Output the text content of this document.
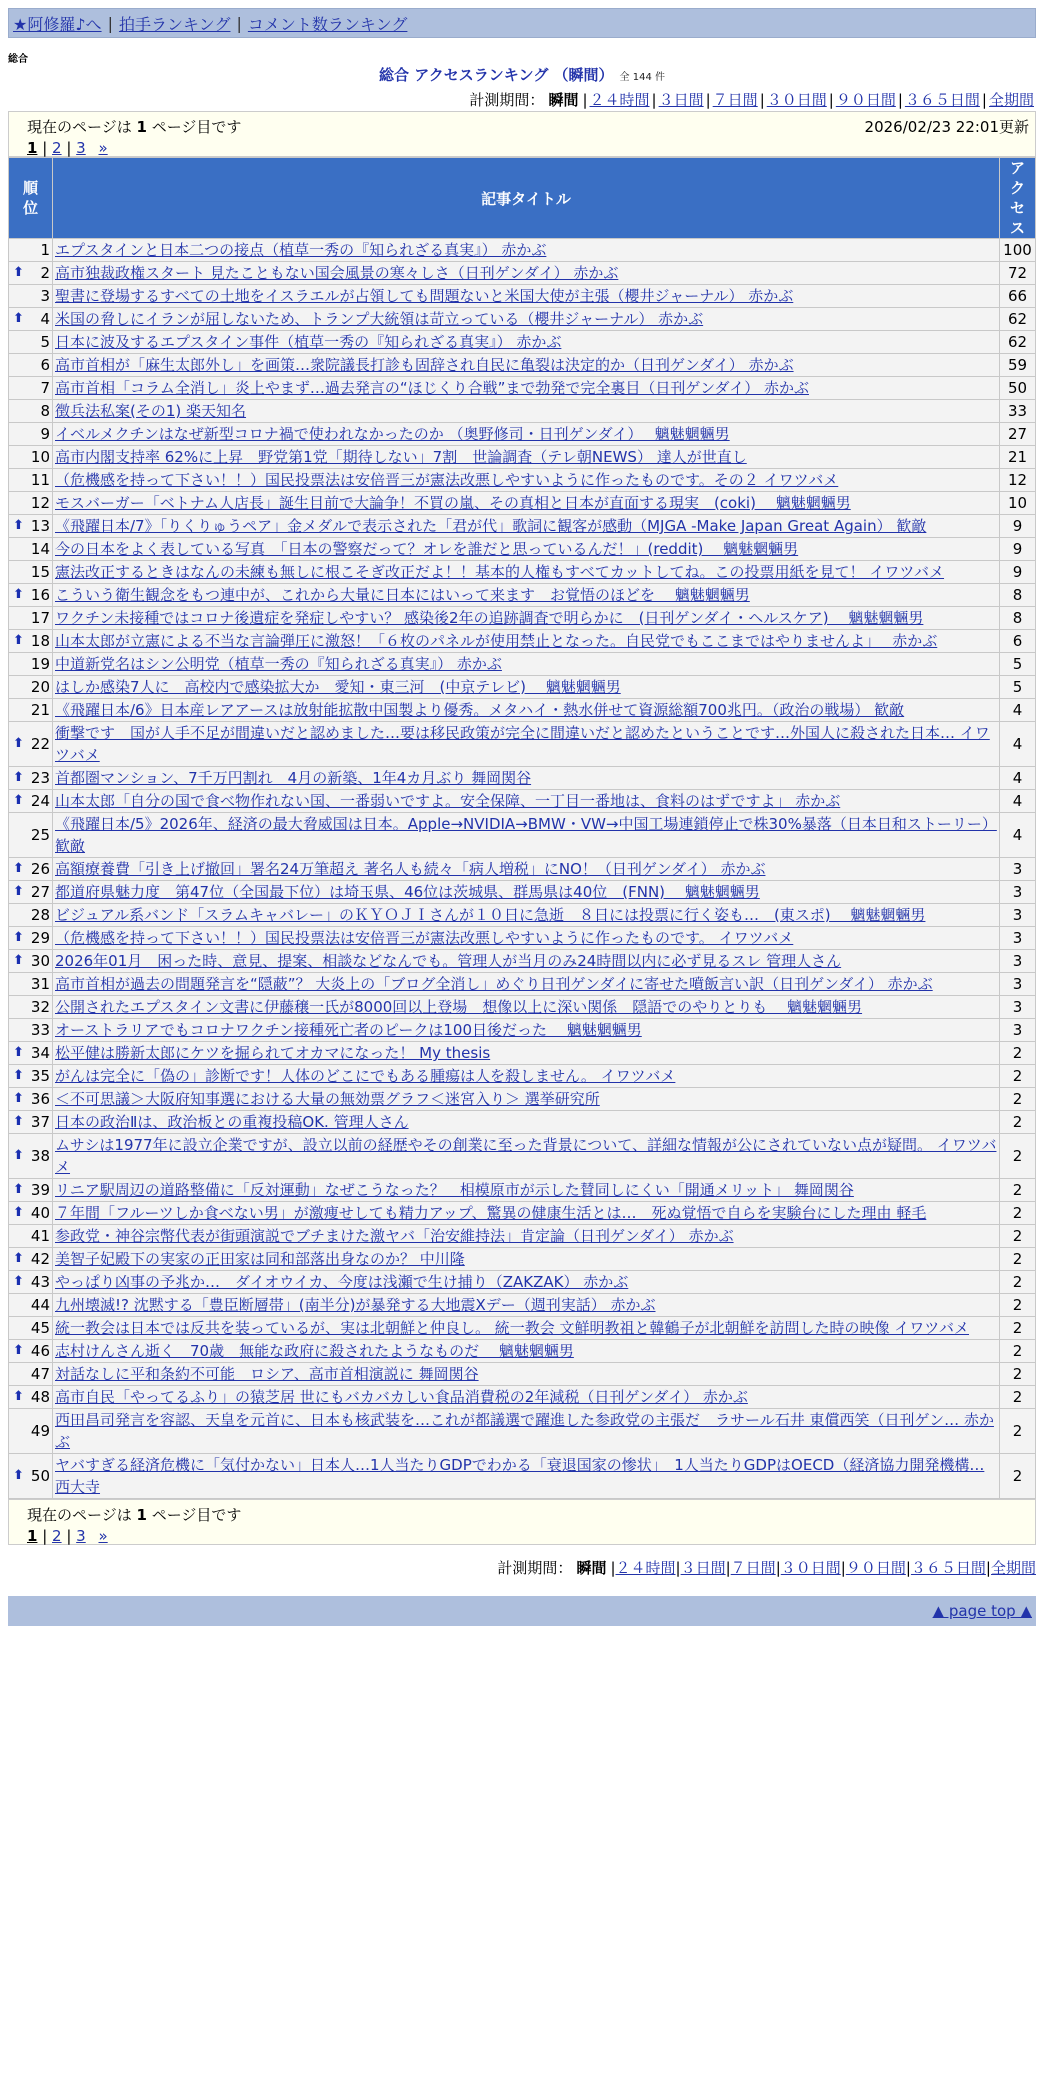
★阿修羅♪へ | 拍手ランキング | コメント数ランキング
総合
総合 アクセスランキング （瞬間） 全 144 件
計測期間： 瞬間 | ２４時間 | ３日間 | ７日間 | ３０日間 | ９０日間 | ３６５日間 | 全期間
現在のページは 1 ページ目です	2026/02/23 22:01更新
1 | 2 | 3 »
順位	記事タイトル	アクセス
1	エプスタインと日本二つの接点（植草一秀の『知られざる真実』） 赤かぶ	100

⬆ 2	高市独裁政権スタート 見たこともない国会風景の寒々しさ（日刊ゲンダイ） 赤かぶ	72
3	聖書に登場するすべての土地をイスラエルが占領しても問題ないと米国大使が主張（櫻井ジャーナル） 赤かぶ	66

⬆ 4	米国の脅しにイランが屈しないため、トランプ大統領は苛立っている（櫻井ジャーナル） 赤かぶ	62
5	日本に波及するエプスタイン事件（植草一秀の『知られざる真実』） 赤かぶ	62
6	高市首相が「麻生太郎外し」を画策…衆院議長打診も固辞され自民に亀裂は決定的か（日刊ゲンダイ） 赤かぶ	59
7	高市首相「コラム全消し」炎上やまず…過去発言の“ほじくり合戦”まで勃発で完全裏目（日刊ゲンダイ） 赤かぶ	50
8	徴兵法私案(その1) 楽天知名	33
9	イベルメクチンはなぜ新型コロナ禍で使われなかったのか （奥野修司・日刊ゲンダイ）　 魑魅魍魎男	27
10	高市内閣支持率 62%に上昇　野党第1党「期待しない」7割　世論調査（テレ朝NEWS） 達人が世直し	21
11	（危機感を持って下さい！！）国民投票法は安倍晋三が憲法改悪しやすいように作ったものです。その２ イワツバメ	12
12	モスバーガー「ベトナム人店長」誕生目前で大論争！不買の嵐、その真相と日本が直面する現実　(coki)　 魑魅魍魎男	10

⬆ 13	《飛躍日本/7》「りくりゅうペア」金メダルで表示された「君が代」歌詞に観客が感動（MJGA -Make Japan Great Again） 歓敵	9
14	今の日本をよく表している写真　「日本の警察だって？オレを誰だと思っているんだ！」(reddit)　 魑魅魍魎男	9
15	憲法改正するときはなんの未練も無しに根こそぎ改正だよ！！基本的人権もすべてカットしてね。この投票用紙を見て！ イワツバメ	9

⬆ 16	こういう衛生観念をもつ連中が、これから大量に日本にはいって来ます　お覚悟のほどを　 魑魅魍魎男	8
17	ワクチン未接種ではコロナ後遺症を発症しやすい？ 感染後2年の追跡調査で明らかに　(日刊ゲンダイ・ヘルスケア)　 魑魅魍魎男	8

⬆ 18	山本太郎が立憲による不当な言論弾圧に激怒！「６枚のパネルが使用禁止となった。自民党でもここまではやりませんよ」　 赤かぶ	6
19	中道新党名はシン公明党（植草一秀の『知られざる真実』） 赤かぶ	5
20	はしか感染7人に　高校内で感染拡大か　愛知・東三河　(中京テレビ)　 魑魅魍魎男	5
21	《飛躍日本/6》日本産レアアースは放射能拡散中国製より優秀。メタハイ・熱水併せて資源総額700兆円。（政治の戦場） 歓敵	4

⬆ 22	衝撃です　国が人手不足が間違いだと認めました…要は移民政策が完全に間違いだと認めたということです…外国人に殺された日本… イワツバメ	4

⬆ 23	首都圏マンション、7千万円割れ　4月の新築、1年4カ月ぶり 舞岡関谷	4

⬆ 24	山本太郎「自分の国で食べ物作れない国、一番弱いですよ。安全保障、一丁目一番地は、食料のはずですよ」 赤かぶ	4
25	《飛躍日本/5》2026年、経済の最大脅威国は日本。Apple→NVIDIA→BMW・VW→中国工場連鎖停止で株30%暴落（日本日和ストーリー） 歓敵	4

⬆ 26	高額療養費「引き上げ撤回」署名24万筆超え 著名人も続々「病人増税」にNO！（日刊ゲンダイ） 赤かぶ	3

⬆ 27	都道府県魅力度　第47位（全国最下位）は埼玉県、46位は茨城県、群馬県は40位　(FNN)　 魑魅魍魎男	3
28	ビジュアル系バンド「スラムキャバレー」のＫＹＯＪＩさんが１０日に急逝　８日には投票に行く姿も…　(東スポ)　 魑魅魍魎男	3

⬆ 29	（危機感を持って下さい！！）国民投票法は安倍晋三が憲法改悪しやすいように作ったものです。 イワツバメ	3

⬆ 30	2026年01月　困った時、意見、提案、相談などなんでも。管理人が当月のみ24時間以内に必ず見るスレ 管理人さん	3
31	高市首相が過去の問題発言を“隠蔽”？ 大炎上の「ブログ全消し」めぐり日刊ゲンダイに寄せた噴飯言い訳（日刊ゲンダイ） 赤かぶ	3
32	公開されたエプスタイン文書に伊藤穣一氏が8000回以上登場　想像以上に深い関係　隠語でのやりとりも　 魑魅魍魎男	3
33	オーストラリアでもコロナワクチン接種死亡者のピークは100日後だった　 魑魅魍魎男	3

⬆ 34	松平健は勝新太郎にケツを掘られてオカマになった！ My thesis	2

⬆ 35	がんは完全に「偽の」診断です！人体のどこにでもある腫瘍は人を殺しません。 イワツバメ	2

⬆ 36	＜不可思議＞大阪府知事選における大量の無効票グラフ＜迷宮入り＞ 選挙研究所	2

⬆ 37	日本の政治Ⅱは、政治板との重複投稿OK. 管理人さん	2

⬆ 38	ムサシは1977年に設立企業ですが、設立以前の経歴やその創業に至った背景について、詳細な情報が公にされていない点が疑問。 イワツバメ	2

⬆ 39	リニア駅周辺の道路整備に「反対運動」なぜこうなった？　相模原市が示した賛同しにくい「開通メリット」 舞岡関谷	2

⬆ 40	７年間「フルーツしか食べない男」が激痩せしても精力アップ、驚異の健康生活とは…　死ぬ覚悟で自らを実験台にした理由 軽毛	2
41	参政党・神谷宗幣代表が街頭演説でブチまけた激ヤバ「治安維持法」肯定論（日刊ゲンダイ） 赤かぶ	2

⬆ 42	美智子妃殿下の実家の正田家は同和部落出身なのか？ 中川隆	2

⬆ 43	やっぱり凶事の予兆か…　ダイオウイカ、今度は浅瀬で生け捕り（ZAKZAK） 赤かぶ	2
44	九州壊滅!? 沈黙する「豊臣断層帯」(南半分)が暴発する大地震Xデー（週刊実話） 赤かぶ	2
45	統一教会は日本では反共を装っているが、実は北朝鮮と仲良し。 統一教会 文鮮明教祖と韓鶴子が北朝鮮を訪問した時の映像 イワツバメ	2

⬆ 46	志村けんさん逝く　70歳　無能な政府に殺されたようなものだ　 魑魅魍魎男	2
47	対話なしに平和条約不可能　ロシア、高市首相演説に 舞岡関谷	2

⬆ 48	高市自民「やってるふり」の猿芝居 世にもバカバカしい食品消費税の2年減税（日刊ゲンダイ） 赤かぶ	2
49	西田昌司発言を容認、天皇を元首に、日本も核武装を…これが都議選で躍進した参政党の主張だ　ラサール石井 東償西笑（日刊ゲン… 赤かぶ	2

⬆ 50	ヤバすぎる経済危機に「気付かない」日本人…1人当たりGDPでわかる「衰退国家の惨状」　1人当たりGDPはOECD（経済協力開発機構… 西大寺	2
現在のページは 1 ページ目です
1 | 2 | 3 »
計測期間： 瞬間 |２４時間|３日間|７日間|３０日間|９０日間|３６５日間|全期間
▲ page top ▲
